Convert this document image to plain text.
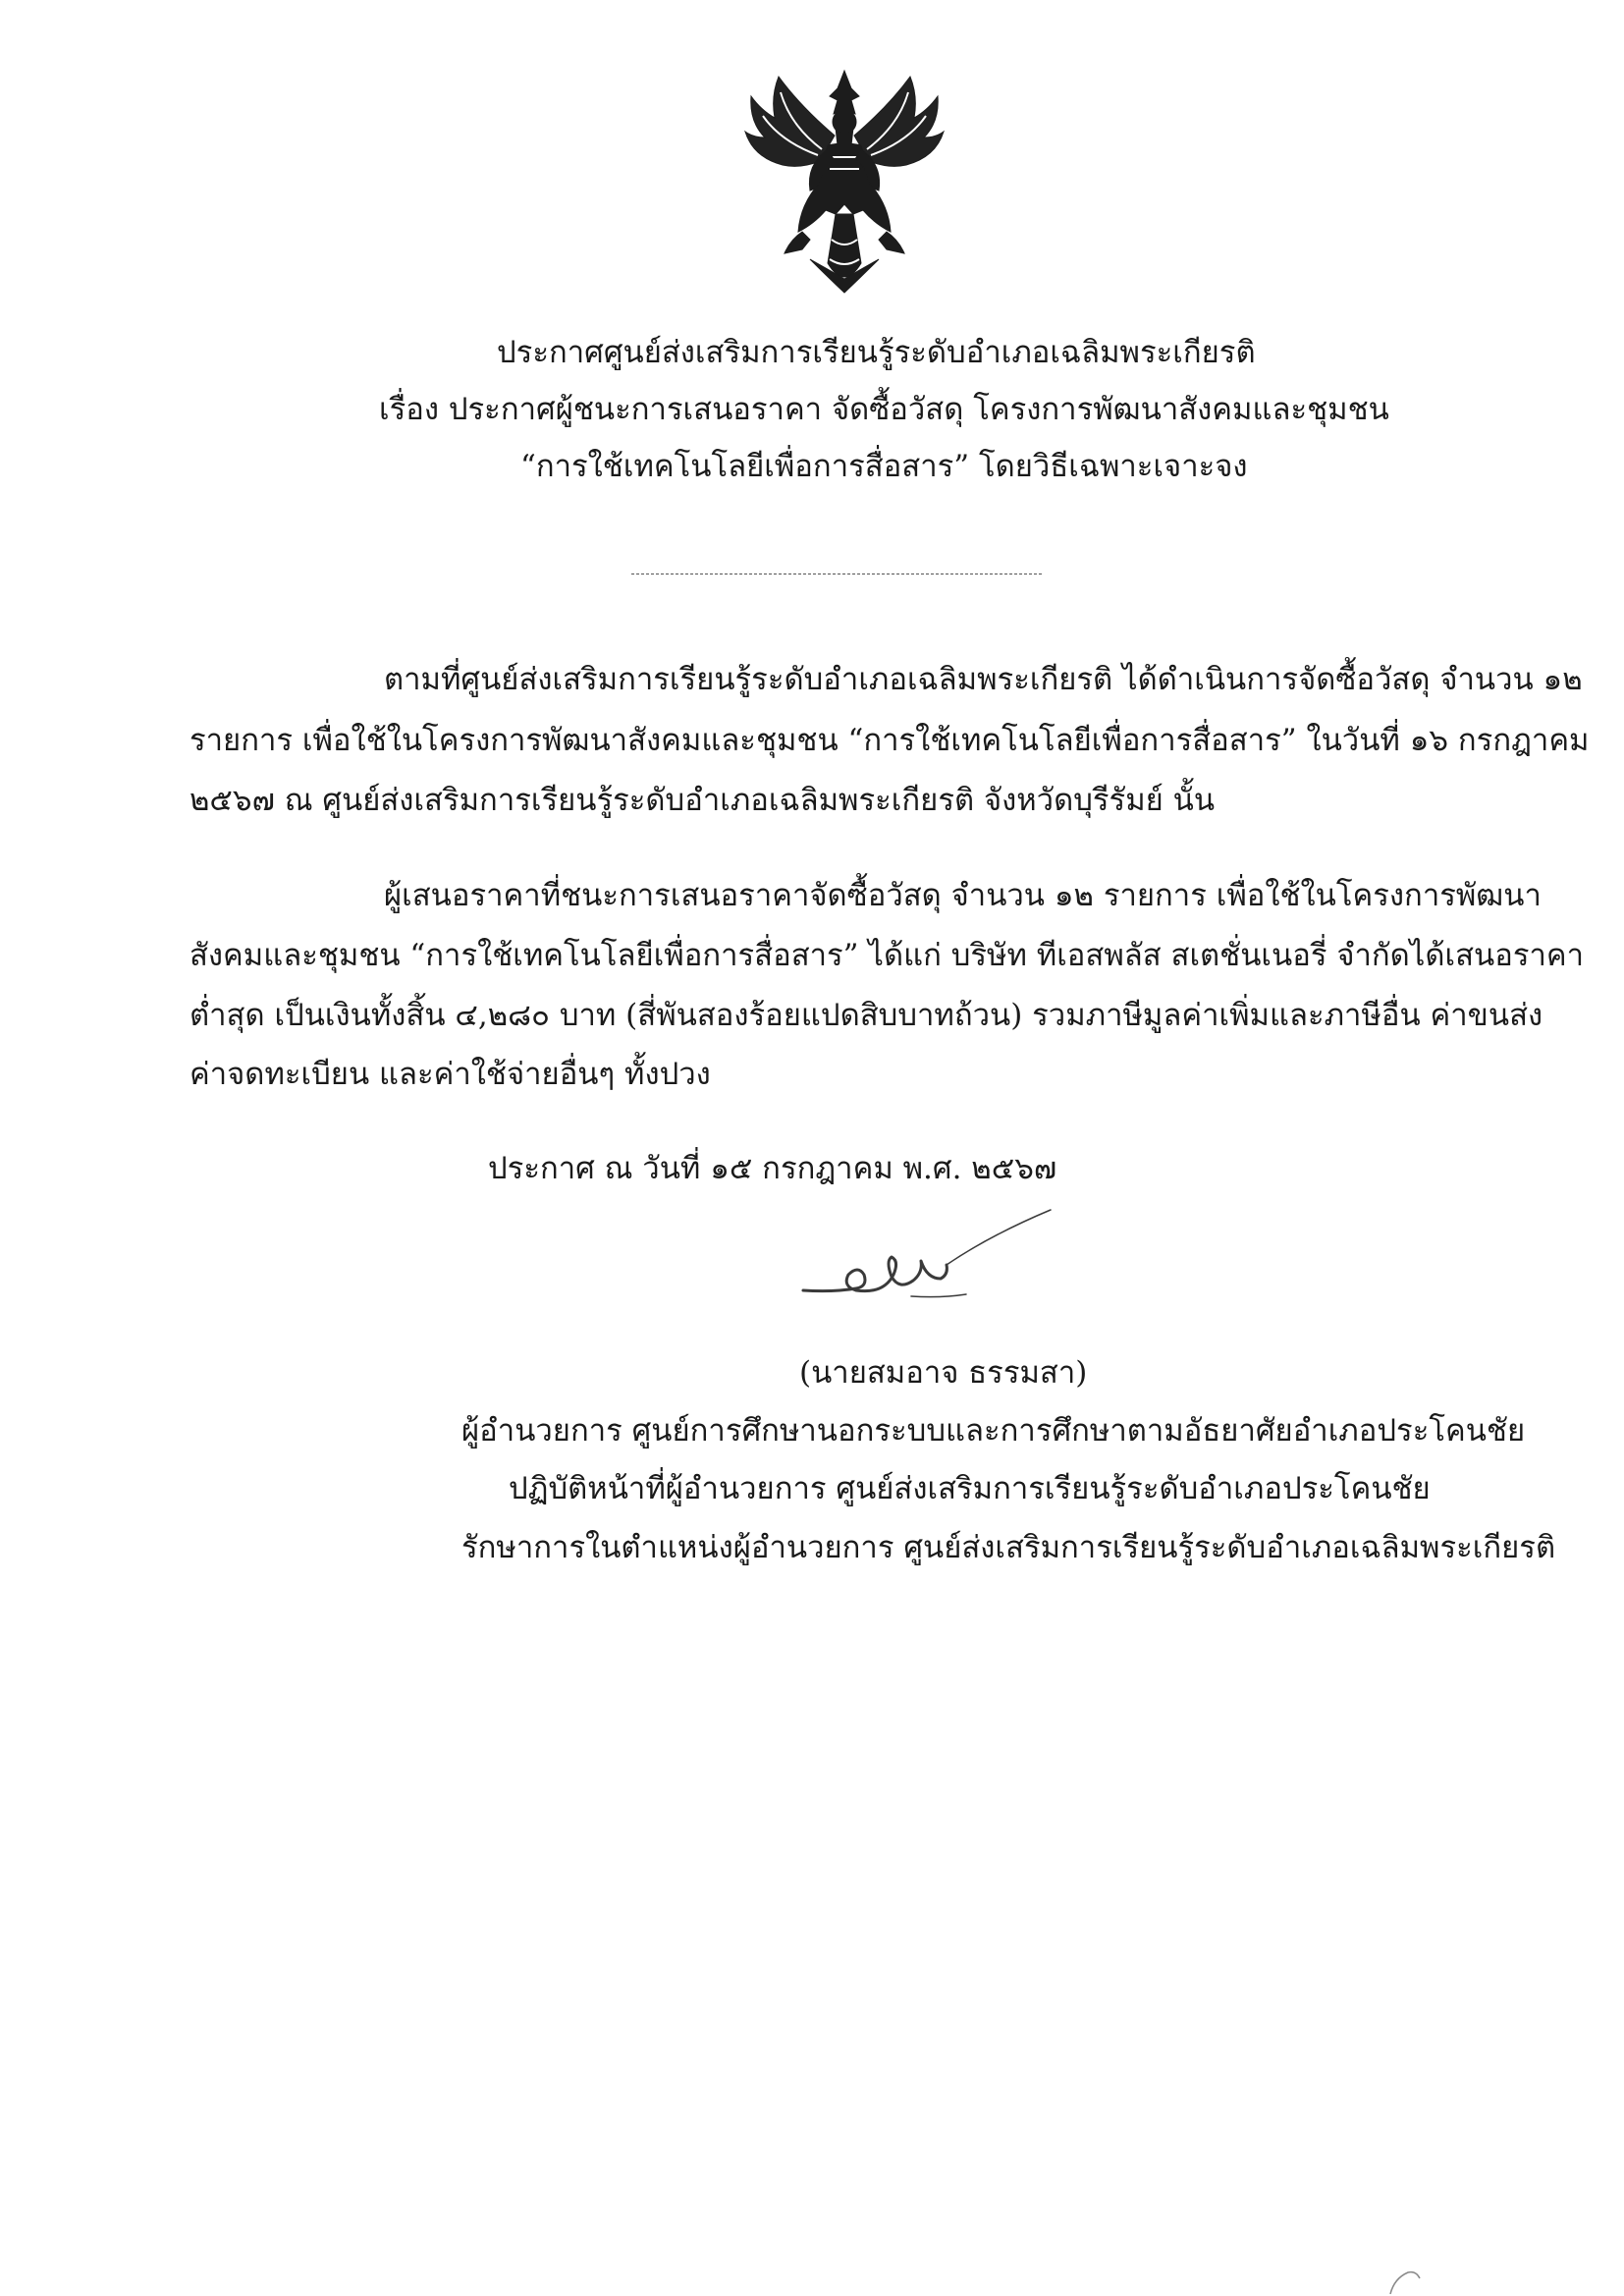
ประกาศศูนย์ส่งเสริมการเรียนรู้ระดับอำเภอเฉลิมพระเกียรติ
เรื่อง ประกาศผู้ชนะการเสนอราคา จัดซื้อวัสดุ โครงการพัฒนาสังคมและชุมชน
“การใช้เทคโนโลยีเพื่อการสื่อสาร” โดยวิธีเฉพาะเจาะจง
ตามที่ศูนย์ส่งเสริมการเรียนรู้ระดับอำเภอเฉลิมพระเกียรติ ได้ดำเนินการจัดซื้อวัสดุ จำนวน ๑๒
รายการ เพื่อใช้ในโครงการพัฒนาสังคมและชุมชน “การใช้เทคโนโลยีเพื่อการสื่อสาร” ในวันที่ ๑๖ กรกฎาคม
๒๕๖๗ ณ ศูนย์ส่งเสริมการเรียนรู้ระดับอำเภอเฉลิมพระเกียรติ จังหวัดบุรีรัมย์ นั้น
ผู้เสนอราคาที่ชนะการเสนอราคาจัดซื้อวัสดุ จำนวน ๑๒ รายการ เพื่อใช้ในโครงการพัฒนา
สังคมและชุมชน “การใช้เทคโนโลยีเพื่อการสื่อสาร” ได้แก่ บริษัท ทีเอสพลัส สเตชั่นเนอรี่ จำกัดได้เสนอราคา
ต่ำสุด เป็นเงินทั้งสิ้น ๔,๒๘๐ บาท (สี่พันสองร้อยแปดสิบบาทถ้วน) รวมภาษีมูลค่าเพิ่มและภาษีอื่น ค่าขนส่ง
ค่าจดทะเบียน และค่าใช้จ่ายอื่นๆ ทั้งปวง
ประกาศ ณ วันที่ ๑๕ กรกฎาคม พ.ศ. ๒๕๖๗
(นายสมอาจ ธรรมสา)
ผู้อำนวยการ ศูนย์การศึกษานอกระบบและการศึกษาตามอัธยาศัยอำเภอประโคนชัย
ปฏิบัติหน้าที่ผู้อำนวยการ ศูนย์ส่งเสริมการเรียนรู้ระดับอำเภอประโคนชัย
รักษาการในตำแหน่งผู้อำนวยการ ศูนย์ส่งเสริมการเรียนรู้ระดับอำเภอเฉลิมพระเกียรติ
